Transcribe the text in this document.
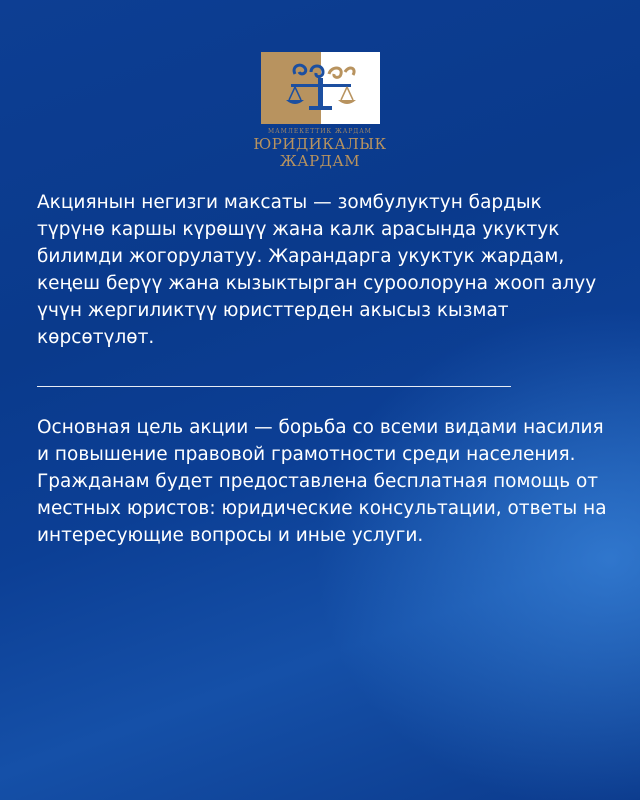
МАМЛЕКЕТТИК ЖАРДАМ
ЮРИДИКАЛЫК
ЖАРДАМ

Акциянын негизги максаты — зомбулуктун бардык түрүнө каршы күрөшүү жана калк арасында укуктук билимди жогорулатуу. Жарандарга укуктук жардам, кеңеш берүү жана кызыктырган суроолоруна жооп алуу үчүн жергиликтүү юристтерден акысыз кызмат көрсөтүлөт.

Основная цель акции — борьба со всеми видами насилия и повышение правовой грамотности среди населения. Гражданам будет предоставлена бесплатная помощь от местных юристов: юридические консультации, ответы на интересующие вопросы и иные услуги.
